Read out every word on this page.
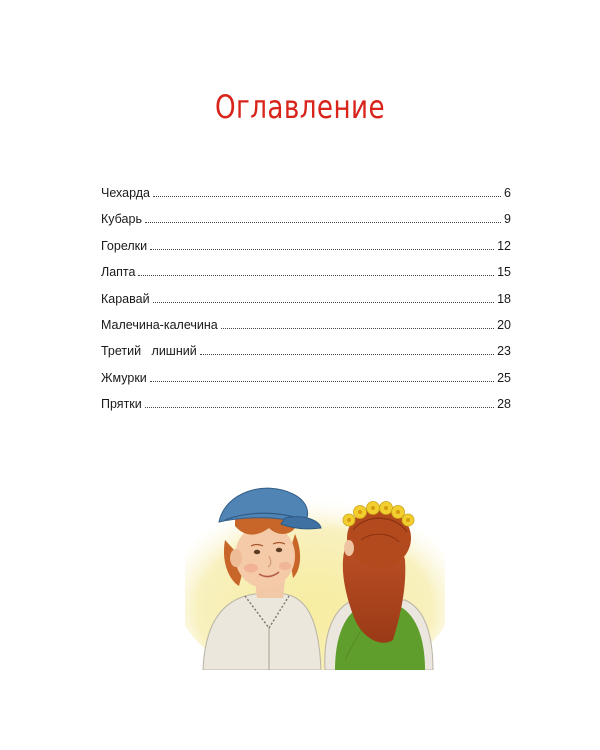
Оглавление
Чехарда	6
Кубарь	9
Горелки	12
Лапта	15
Каравай	18
Малечина-калечина	20
Третий   лишний	23
Жмурки	25
Прятки	28
